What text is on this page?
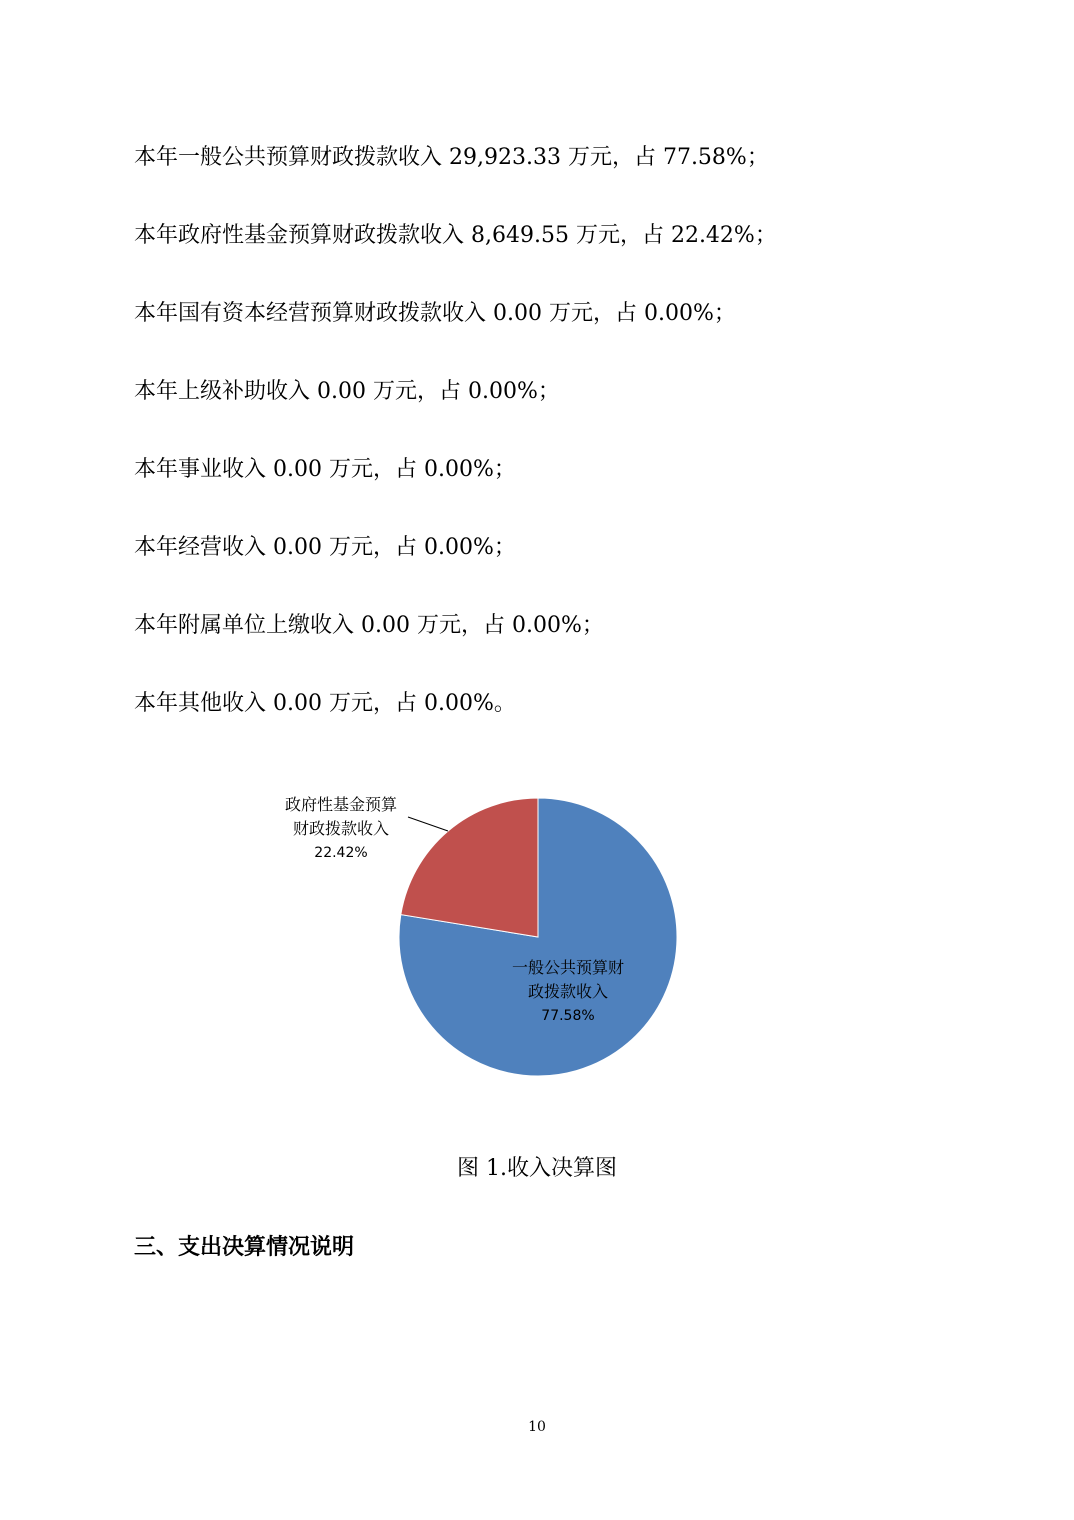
本年一般公共预算财政拨款收入 29,923.33 万元，占 77.58%；
本年政府性基金预算财政拨款收入 8,649.55 万元，占 22.42%；
本年国有资本经营预算财政拨款收入 0.00 万元，占 0.00%；
本年上级补助收入 0.00 万元，占 0.00%；
本年事业收入 0.00 万元，占 0.00%；
本年经营收入 0.00 万元，占 0.00%；
本年附属单位上缴收入 0.00 万元，占 0.00%；
本年其他收入 0.00 万元，占 0.00%。
一般公共预算财
政拨款收入
77.58%
政府性基金预算
财政拨款收入
22.42%
图 1.收入决算图
三、支出决算情况说明
10
